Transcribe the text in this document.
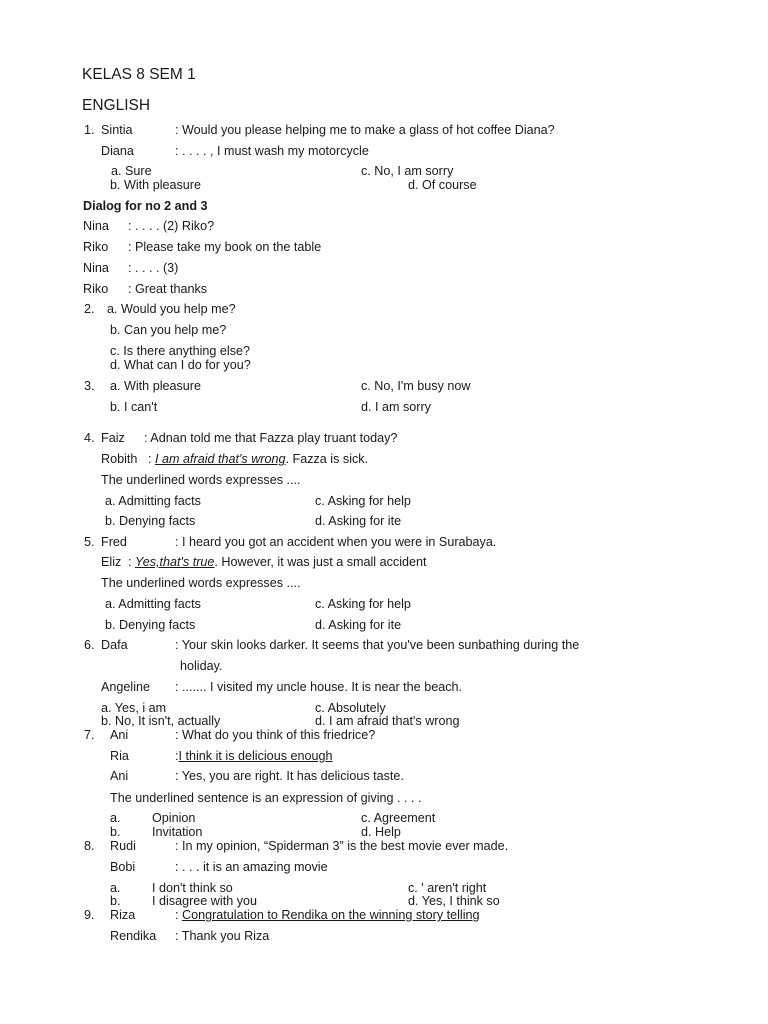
KELAS 8 SEM 1
ENGLISH
1. Sintia	: Would you please helping me to make a glass of hot coffee Diana?
Diana	: . . . . , I must wash my motorcycle
a. Sure
b. With pleasure
c. No, I am sorry
d. Of course
Dialog for no 2 and 3
Nina : . . . . (2) Riko?
Riko : Please take my book on the table
Nina : . . . . (3)
Riko : Great thanks
2. a. Would you help me?
b. Can you help me?
c. Is there anything else?
d. What can I do for you?
3. a. With pleasure
b. I can't
c. No, I'm busy now
d. I am sorry
4. Faiz : Adnan told me that Fazza play truant today?
Robith : I am afraid that's wrong. Fazza is sick.
The underlined words expresses ....
a. Admitting facts
b. Denying facts
c. Asking for help
d. Asking for ite
5. Fred	: I heard you got an accident when you were in Surabaya.
Eliz : Yes,that's true. However, it was just a small accident
The underlined words expresses ....
a. Admitting facts
b. Denying facts
c. Asking for help
d. Asking for ite
6. Dafa	: Your skin looks darker. It seems that you've been sunbathing during the
holiday.
Angeline : ....... I visited my uncle house. It is near the beach.
a. Yes, i am
b. No, It isn't, actually
c. Absolutely
d. I am afraid that's wrong
7. Ani	: What do you think of this friedrice?
Ria	:I think it is delicious enough
Ani	: Yes, you are right. It has delicious taste.
The underlined sentence is an expression of giving . . . .
a. Opinion
b. Invitation
c. Agreement
d. Help
8. Rudi	: In my opinion, “Spiderman 3” is the best movie ever made.
Bobi	: . . . it is an amazing movie
a. I don't think so
b. I disagree with you
c. ' aren't right
d. Yes, I think so
9. Riza	: Congratulation to Rendika on the winning story telling
Rendika : Thank you Riza
